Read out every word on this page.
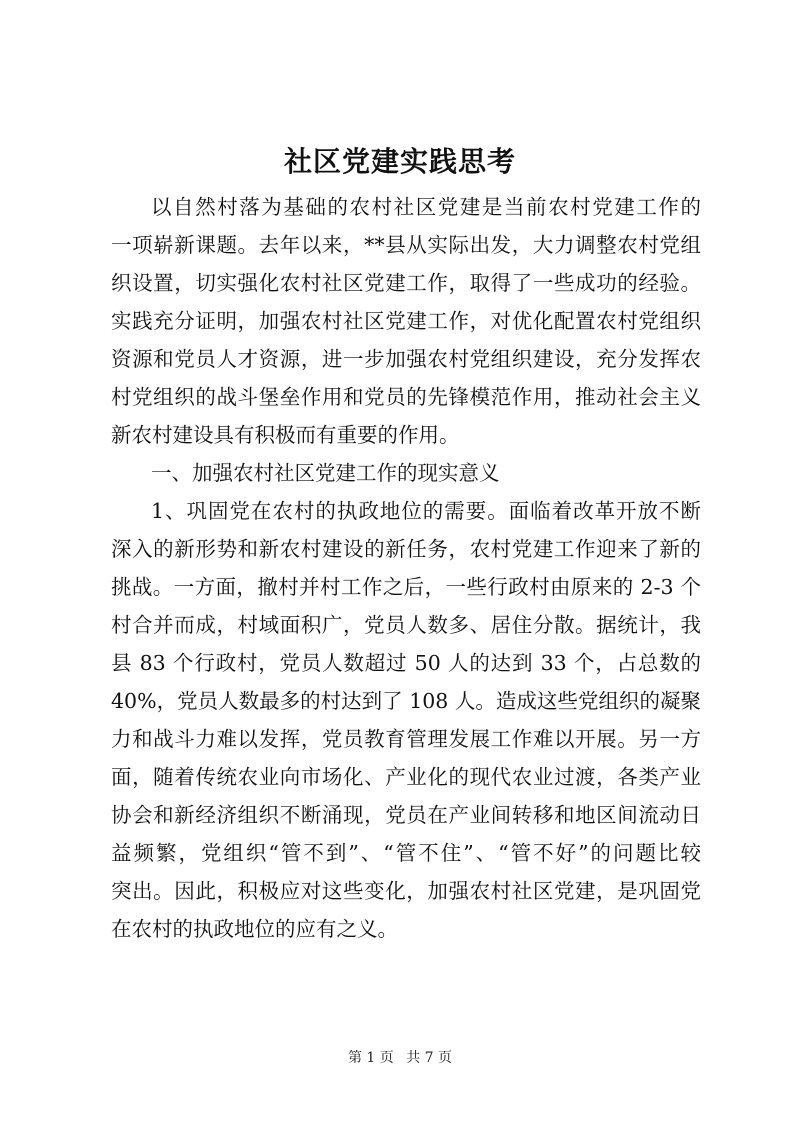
社区党建实践思考
以自然村落为基础的农村社区党建是当前农村党建工作的
一项崭新课题。去年以来，**县从实际出发，大力调整农村党组
织设置，切实强化农村社区党建工作，取得了一些成功的经验。
实践充分证明，加强农村社区党建工作，对优化配置农村党组织
资源和党员人才资源，进一步加强农村党组织建设，充分发挥农
村党组织的战斗堡垒作用和党员的先锋模范作用，推动社会主义
新农村建设具有积极而有重要的作用。
一、加强农村社区党建工作的现实意义
1、巩固党在农村的执政地位的需要。面临着改革开放不断
深入的新形势和新农村建设的新任务，农村党建工作迎来了新的
挑战。一方面，撤村并村工作之后，一些行政村由原来的 2-3 个
村合并而成，村域面积广，党员人数多、居住分散。据统计，我
县 83 个行政村，党员人数超过 50 人的达到 33 个，占总数的
40%，党员人数最多的村达到了 108 人。造成这些党组织的凝聚
力和战斗力难以发挥，党员教育管理发展工作难以开展。另一方
面，随着传统农业向市场化、产业化的现代农业过渡，各类产业
协会和新经济组织不断涌现，党员在产业间转移和地区间流动日
益频繁，党组织“管不到”、“管不住”、“管不好”的问题比较
突出。因此，积极应对这些变化，加强农村社区党建，是巩固党
在农村的执政地位的应有之义。
第 1 页 共 7 页
